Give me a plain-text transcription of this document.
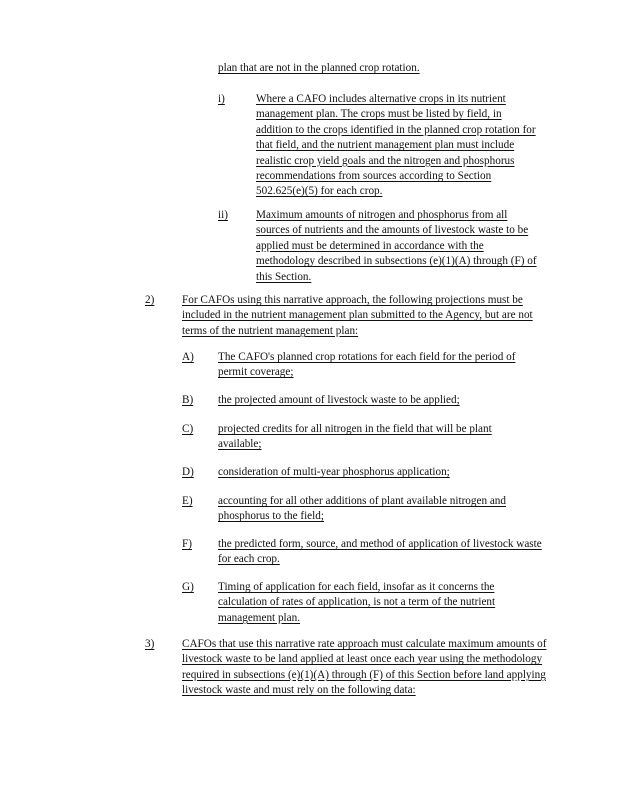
plan that are not in the planned crop rotation.
i)	Where a CAFO includes alternative crops in its nutrient management plan. The crops must be listed by field, in addition to the crops identified in the planned crop rotation for that field, and the nutrient management plan must include realistic crop yield goals and the nitrogen and phosphorus recommendations from sources according to Section 502.625(e)(5) for each crop.
ii)	Maximum amounts of nitrogen and phosphorus from all sources of nutrients and the amounts of livestock waste to be applied must be determined in accordance with the methodology described in subsections (e)(1)(A) through (F) of this Section.
2) For CAFOs using this narrative approach, the following projections must be included in the nutrient management plan submitted to the Agency, but are not terms of the nutrient management plan:
A) The CAFO's planned crop rotations for each field for the period of permit coverage;
B) the projected amount of livestock waste to be applied;
C) projected credits for all nitrogen in the field that will be plant available;
D) consideration of multi-year phosphorus application;
E) accounting for all other additions of plant available nitrogen and phosphorus to the field;
F) the predicted form, source, and method of application of livestock waste for each crop.
G) Timing of application for each field, insofar as it concerns the calculation of rates of application, is not a term of the nutrient management plan.
3) CAFOs that use this narrative rate approach must calculate maximum amounts of livestock waste to be land applied at least once each year using the methodology required in subsections (e)(1)(A) through (F) of this Section before land applying livestock waste and must rely on the following data:
